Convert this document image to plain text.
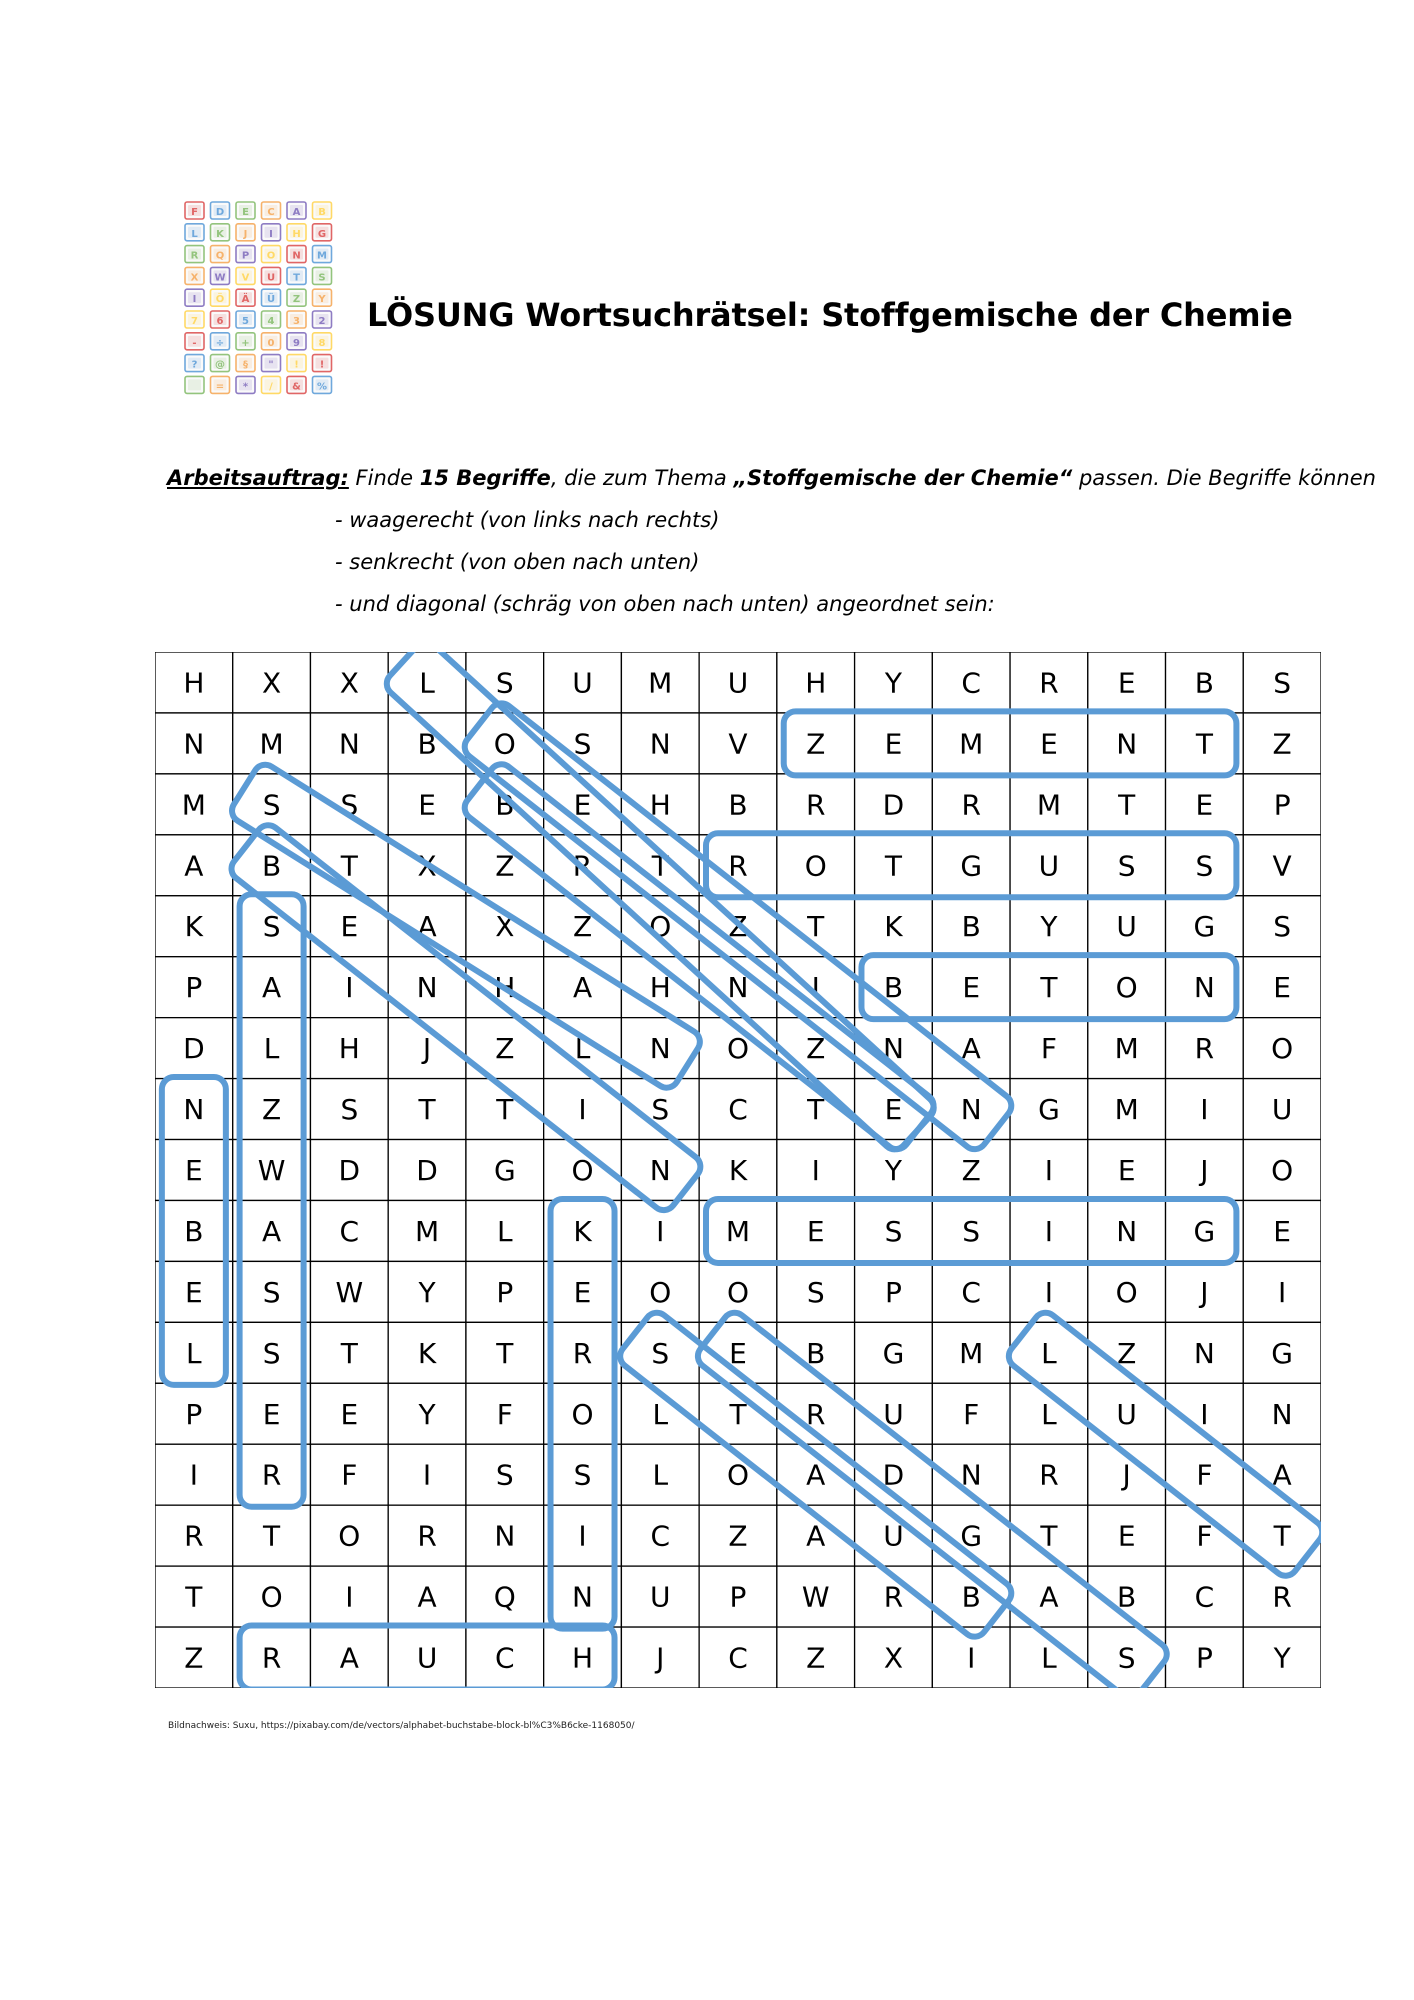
F D E C A B
L K J I H G
R Q P O N M
X W V U T S
I Ö Ä Ü Z Y
7 6 5 4 3 2
- ÷ + 0 9 8
? @ § " ! !
= * / & %
LÖSUNG Wortsuchrätsel: Stoffgemische der Chemie
Arbeitsauftrag: Finde 15 Begriffe, die zum Thema „Stoffgemische der Chemie“ passen. Die Begriffe können
- waagerecht (von links nach rechts)
- senkrecht (von oben nach unten)
- und diagonal (schräg von oben nach unten) angeordnet sein:
H X X L S U M U H Y C R E B S
N M N B O S N V Z E M E N T Z
M S S E B E H B R D R M T E P
A B T X Z R T R O T G U S S V
K S E A X Z O Z T K B Y U G S
P A I N H A H N I B E T O N E
D L H J Z L N O Z N A F M R O
N Z S T T I S C T E N G M I U
E W D D G O N K I Y Z I E J O
B A C M L K I M E S S I N G E
E S W Y P E O O S P C I O J I
L S T K T R S E B G M L Z N G
P E E Y F O L T R U F L U I N
I R F I S S L O A D N R J F A
R T O R N I C Z A U G T E F T
T O I A Q N U P W R B A B C R
Z R A U C H J C Z X I L S P Y
Bildnachweis: Suxu, https://pixabay.com/de/vectors/alphabet-buchstabe-block-bl%C3%B6cke-1168050/
